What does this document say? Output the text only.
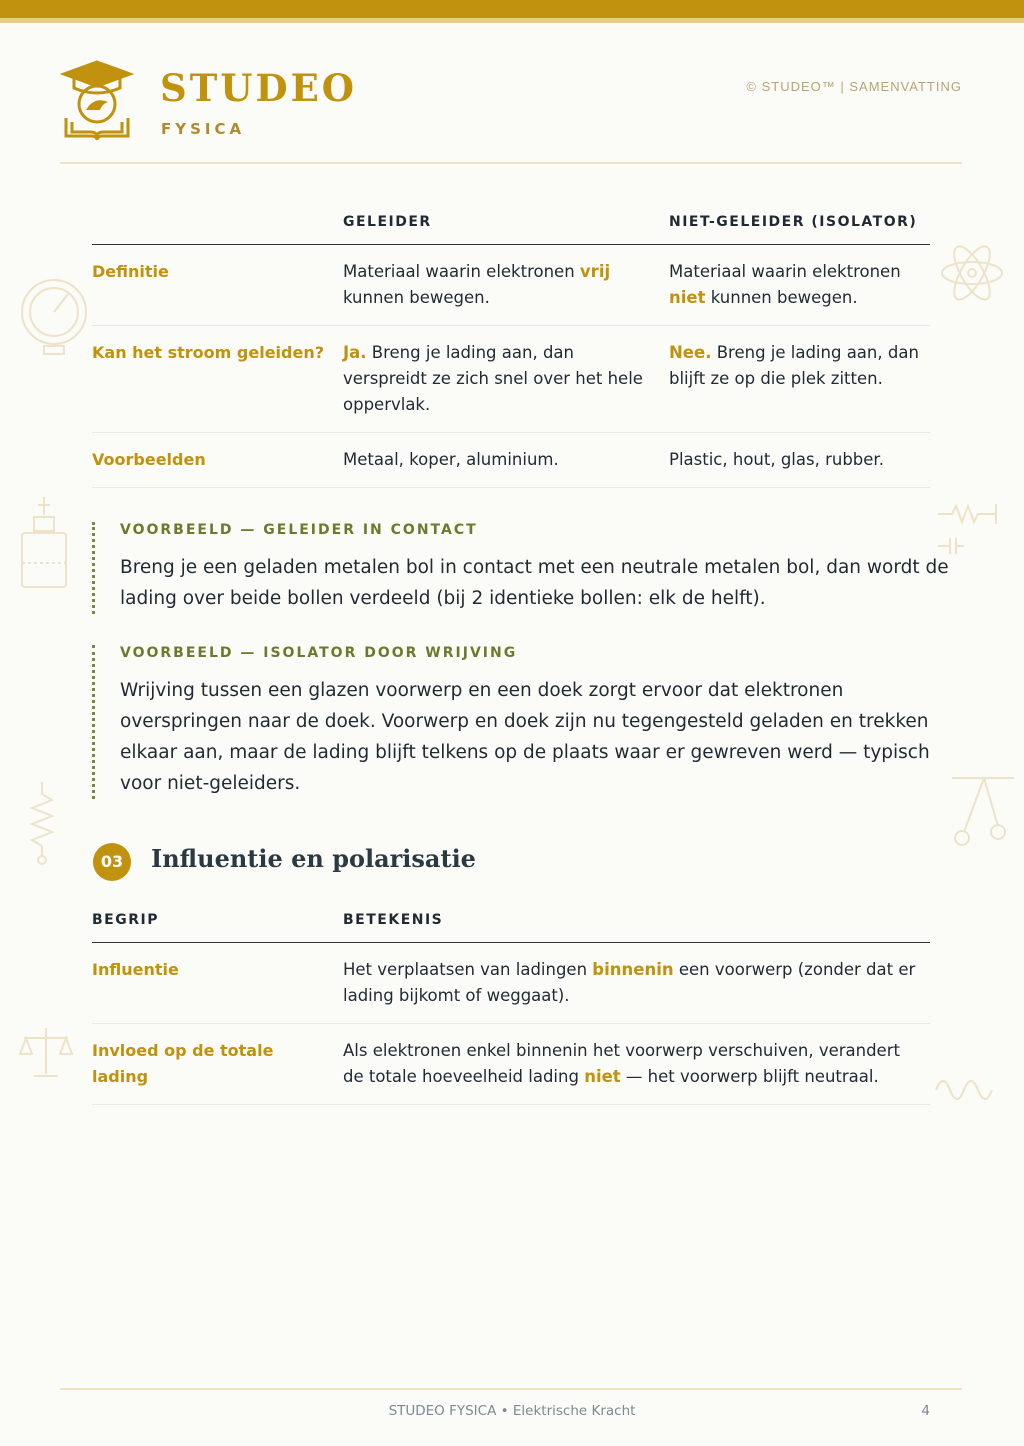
STUDEO
FYSICA
© STUDEO™ | SAMENVATTING
	GELEIDER	NIET-GELEIDER (ISOLATOR)
Definitie	Materiaal waarin elektronen vrij kunnen bewegen.	Materiaal waarin elektronen niet kunnen bewegen.
Kan het stroom geleiden?	Ja. Breng je lading aan, dan verspreidt ze zich snel over het hele oppervlak.	Nee. Breng je lading aan, dan blijft ze op die plek zitten.
Voorbeelden	Metaal, koper, aluminium.	Plastic, hout, glas, rubber.
VOORBEELD — GELEIDER IN CONTACT
Breng je een geladen metalen bol in contact met een neutrale metalen bol, dan wordt de lading over beide bollen verdeeld (bij 2 identieke bollen: elk de helft).
VOORBEELD — ISOLATOR DOOR WRIJVING
Wrijving tussen een glazen voorwerp en een doek zorgt ervoor dat elektronen overspringen naar de doek. Voorwerp en doek zijn nu tegengesteld geladen en trekken elkaar aan, maar de lading blijft telkens op de plaats waar er gewreven werd — typisch voor niet-geleiders.
03	Influentie en polarisatie
BEGRIP	BETEKENIS
Influentie	Het verplaatsen van ladingen binnenin een voorwerp (zonder dat er lading bijkomt of weggaat).
Invloed op de totale lading	Als elektronen enkel binnenin het voorwerp verschuiven, verandert de totale hoeveelheid lading niet — het voorwerp blijft neutraal.
STUDEO FYSICA • Elektrische Kracht	4
